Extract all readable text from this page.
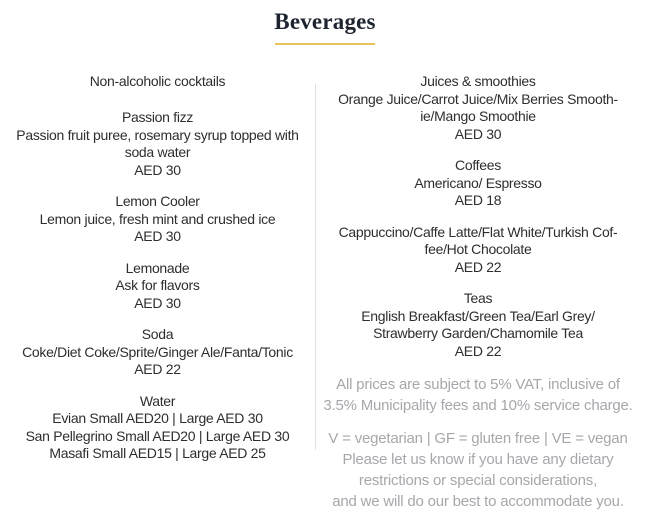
Beverages
Non-alcoholic cocktails
Passion fizz
Passion fruit puree, rosemary syrup topped with
soda water
AED 30
Lemon Cooler
Lemon juice, fresh mint and crushed ice
AED 30
Lemonade
Ask for flavors
AED 30
Soda
Coke/Diet Coke/Sprite/Ginger Ale/Fanta/Tonic
AED 22
Water
Evian Small AED20 | Large AED 30
San Pellegrino Small AED20 | Large AED 30
Masafi Small AED15 | Large AED 25
Juices & smoothies
Orange Juice/Carrot Juice/Mix Berries Smooth-
ie/Mango Smoothie
AED 30
Coffees
Americano/ Espresso
AED 18
Cappuccino/Caffe Latte/Flat White/Turkish Cof-
fee/Hot Chocolate
AED 22
Teas
English Breakfast/Green Tea/Earl Grey/
Strawberry Garden/Chamomile Tea
AED 22
All prices are subject to 5% VAT, inclusive of
3.5% Municipality fees and 10% service charge.
V = vegetarian | GF = gluten free | VE = vegan
Please let us know if you have any dietary
restrictions or special considerations,
and we will do our best to accommodate you.
